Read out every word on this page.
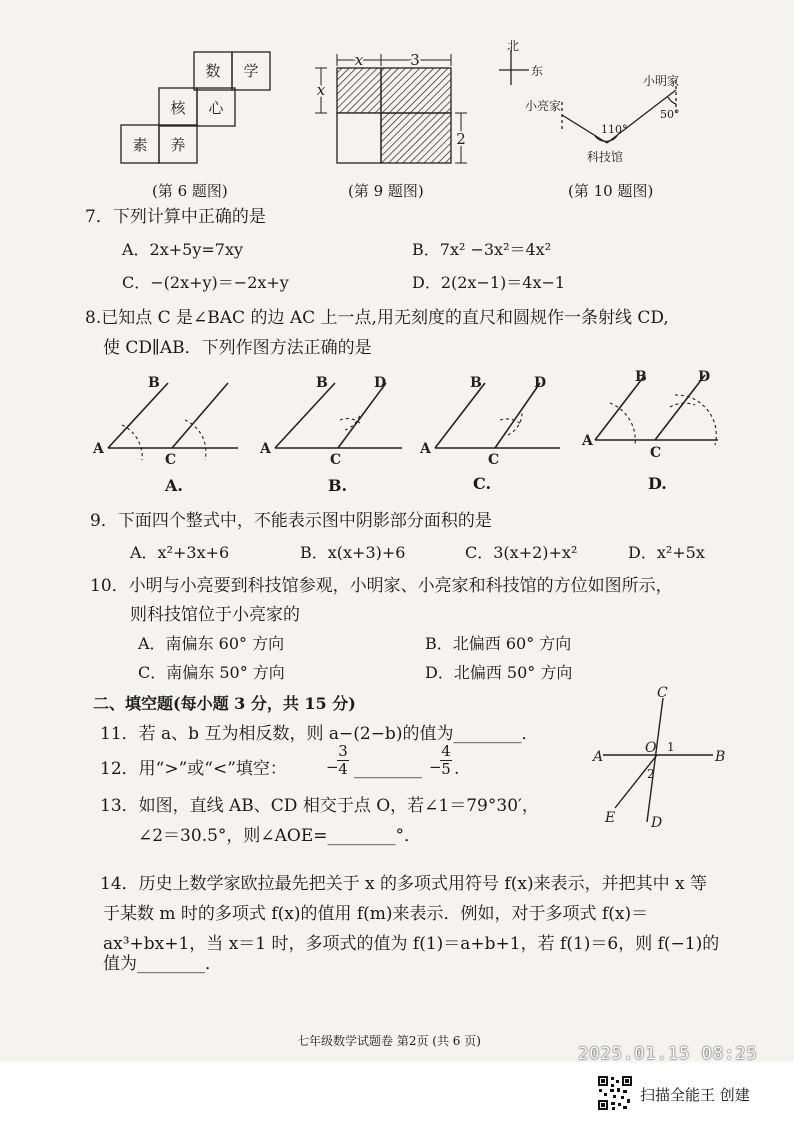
数 学
核 心
素 养
(第 6 题图)
x	3
x
2
(第 9 题图)
北
东
小亮家
小明家
110°
50°
科技馆
(第 10 题图)
7．下列计算中正确的是
A．2x+5y=7xy	B．7x² −3x²＝4x²
C．−(2x+y)＝−2x+y	D．2(2x−1)＝4x−1
8.已知点 C 是∠BAC 的边 AC 上一点,用无刻度的直尺和圆规作一条射线 CD,
使 CD∥AB．下列作图方法正确的是
A
B
C
A
B	D
C
A
B	D
C
A
B	D
C
A.	B.	C.	D.
9．下面四个整式中，不能表示图中阴影部分面积的是
A．x²+3x+6	B．x(x+3)+6	C．3(x+2)+x²	D．x²+5x
10．小明与小亮要到科技馆参观，小明家、小亮家和科技馆的方位如图所示，
则科技馆位于小亮家的
A．南偏东 60° 方向	B．北偏西 60° 方向
C．南偏东 50° 方向	D．北偏西 50° 方向
二、填空题(每小题 3 分，共 15 分)
11．若 a、b 互为相反数，则 a−(2−b)的值为________．
12．用“>”或“<”填空：	−
3
4 ________ −
4
5 .
13．如图，直线 AB、CD 相交于点 O，若∠1＝79°30′，
∠2＝30.5°，则∠AOE=________°．
C
A	B
O
E	D
1
2
14．历史上数学家欧拉最先把关于 x 的多项式用符号 f(x)来表示，并把其中 x 等
于某数 m 时的多项式 f(x)的值用 f(m)来表示．例如，对于多项式 f(x)＝
ax³+bx+1，当 x＝1 时，多项式的值为 f(1)＝a+b+1，若 f(1)＝6，则 f(−1)的
值为________．
七年级数学试题卷 第2页 (共 6 页)
2025.01.15 08:25
扫描全能王 创建
